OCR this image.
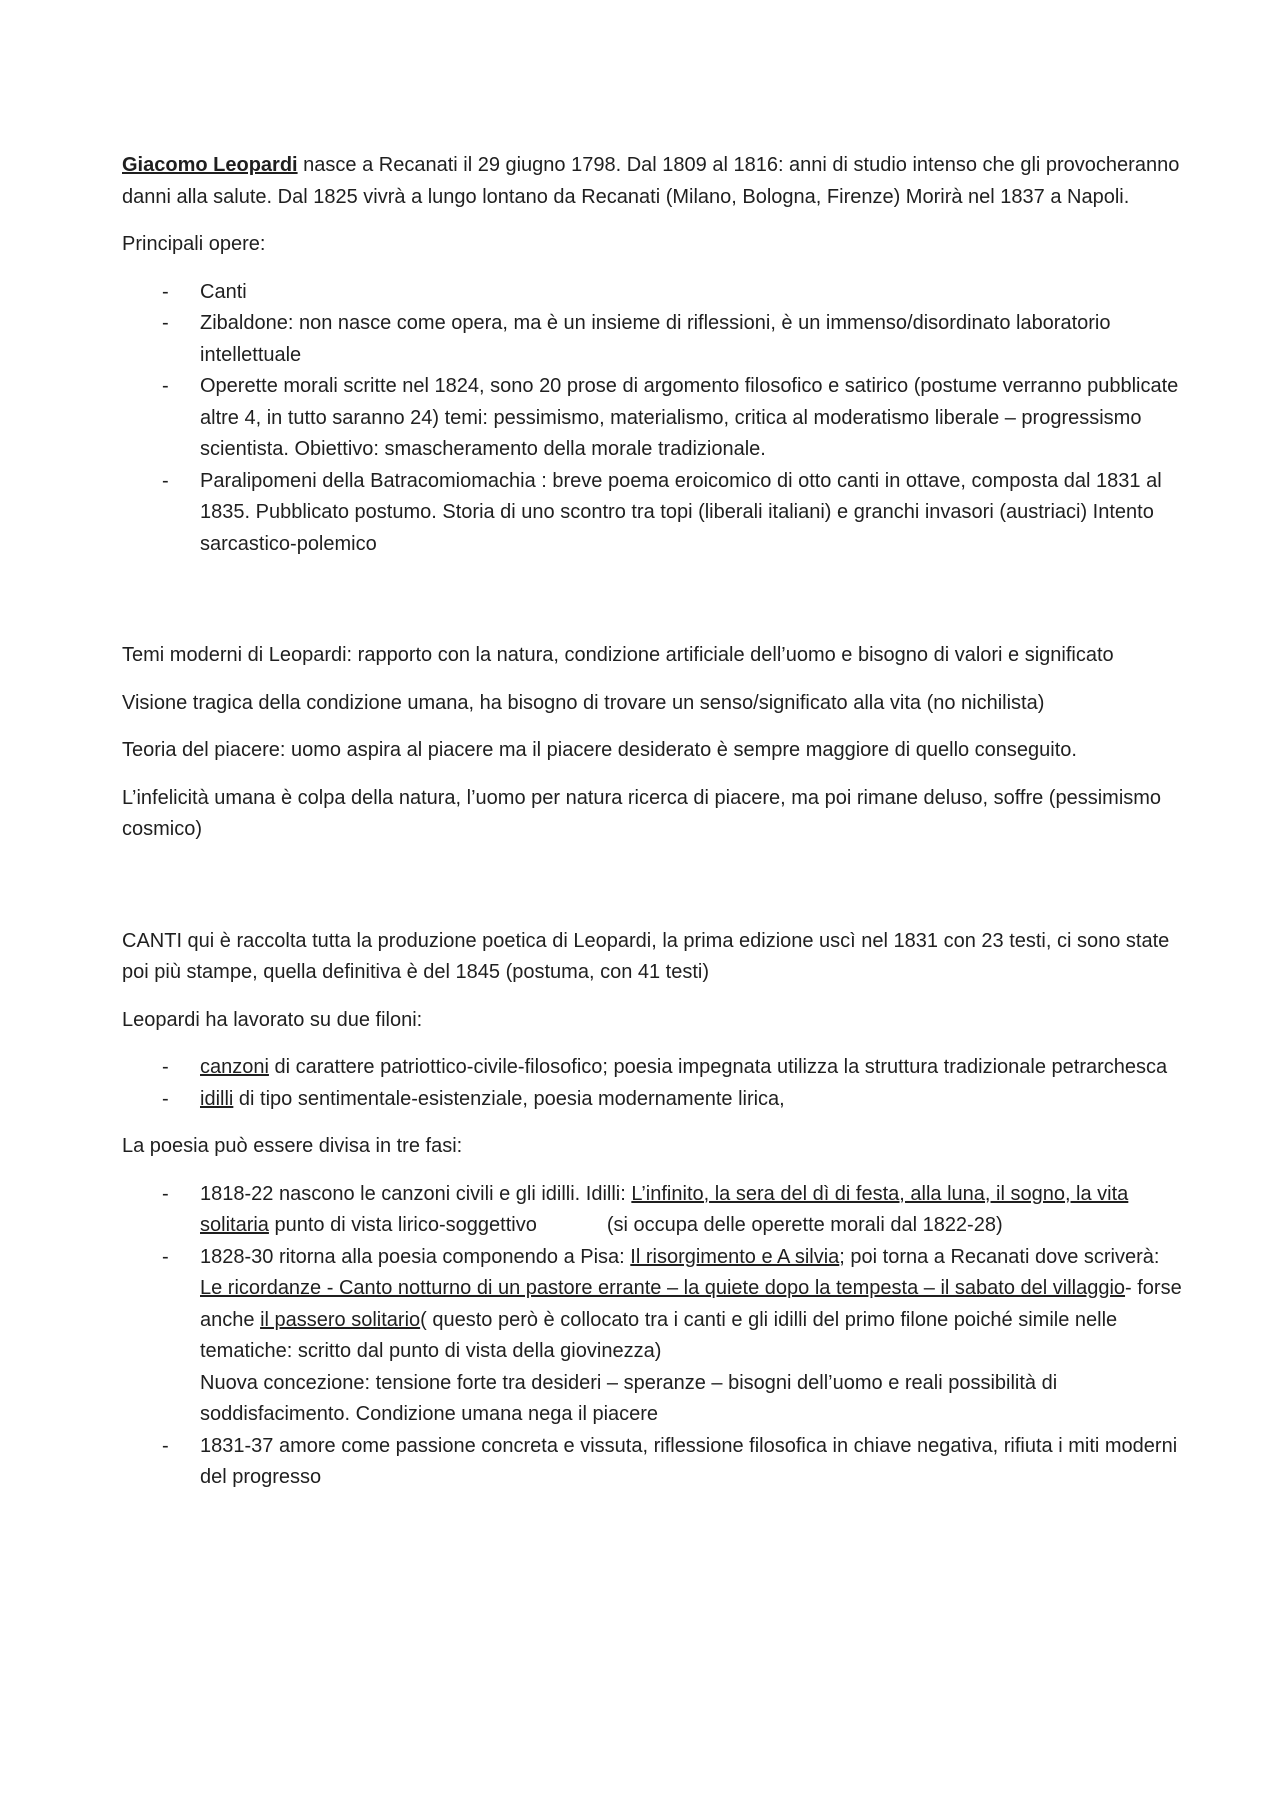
Giacomo Leopardi nasce a Recanati il 29 giugno 1798. Dal 1809 al 1816: anni di studio intenso che gli provocheranno danni alla salute. Dal 1825 vivrà a lungo lontano da Recanati (Milano, Bologna, Firenze) Morirà nel 1837 a Napoli.

Principali opere:

- Canti
- Zibaldone: non nasce come opera, ma è un insieme di riflessioni, è un immenso/disordinato laboratorio intellettuale
- Operette morali scritte nel 1824, sono 20 prose di argomento filosofico e satirico (postume verranno pubblicate altre 4, in tutto saranno 24) temi: pessimismo, materialismo, critica al moderatismo liberale – progressismo scientista. Obiettivo: smascheramento della morale tradizionale.
- Paralipomeni della Batracomiomachia : breve poema eroicomico di otto canti in ottave, composta dal 1831 al 1835. Pubblicato postumo. Storia di uno scontro tra topi (liberali italiani) e granchi invasori (austriaci) Intento sarcastico-polemico

Temi moderni di Leopardi: rapporto con la natura, condizione artificiale dell’uomo e bisogno di valori e significato

Visione tragica della condizione umana, ha bisogno di trovare un senso/significato alla vita (no nichilista)

Teoria del piacere: uomo aspira al piacere ma il piacere desiderato è sempre maggiore di quello conseguito.

L’infelicità umana è colpa della natura, l’uomo per natura ricerca di piacere, ma poi rimane deluso, soffre (pessimismo cosmico)

CANTI qui è raccolta tutta la produzione poetica di Leopardi, la prima edizione uscì nel 1831 con 23 testi, ci sono state poi più stampe, quella definitiva è del 1845 (postuma, con 41 testi)

Leopardi ha lavorato su due filoni:

- canzoni di carattere patriottico-civile-filosofico; poesia impegnata utilizza la struttura tradizionale petrarchesca
- idilli di tipo sentimentale-esistenziale, poesia modernamente lirica,

La poesia può essere divisa in tre fasi:

- 1818-22 nascono le canzoni civili e gli idilli. Idilli: L’infinito, la sera del dì di festa, alla luna, il sogno, la vita solitaria punto di vista lirico-soggettivo	(si occupa delle operette morali dal 1822-28)
- 1828-30 ritorna alla poesia componendo a Pisa: Il risorgimento e A silvia; poi torna a Recanati dove scriverà: Le ricordanze - Canto notturno di un pastore errante – la quiete dopo la tempesta – il sabato del villaggio- forse anche il passero solitario( questo però è collocato tra i canti e gli idilli del primo filone poiché simile nelle tematiche: scritto dal punto di vista della giovinezza)
Nuova concezione: tensione forte tra desideri – speranze – bisogni dell’uomo e reali possibilità di soddisfacimento. Condizione umana nega il piacere
- 1831-37 amore come passione concreta e vissuta, riflessione filosofica in chiave negativa, rifiuta i miti moderni del progresso
